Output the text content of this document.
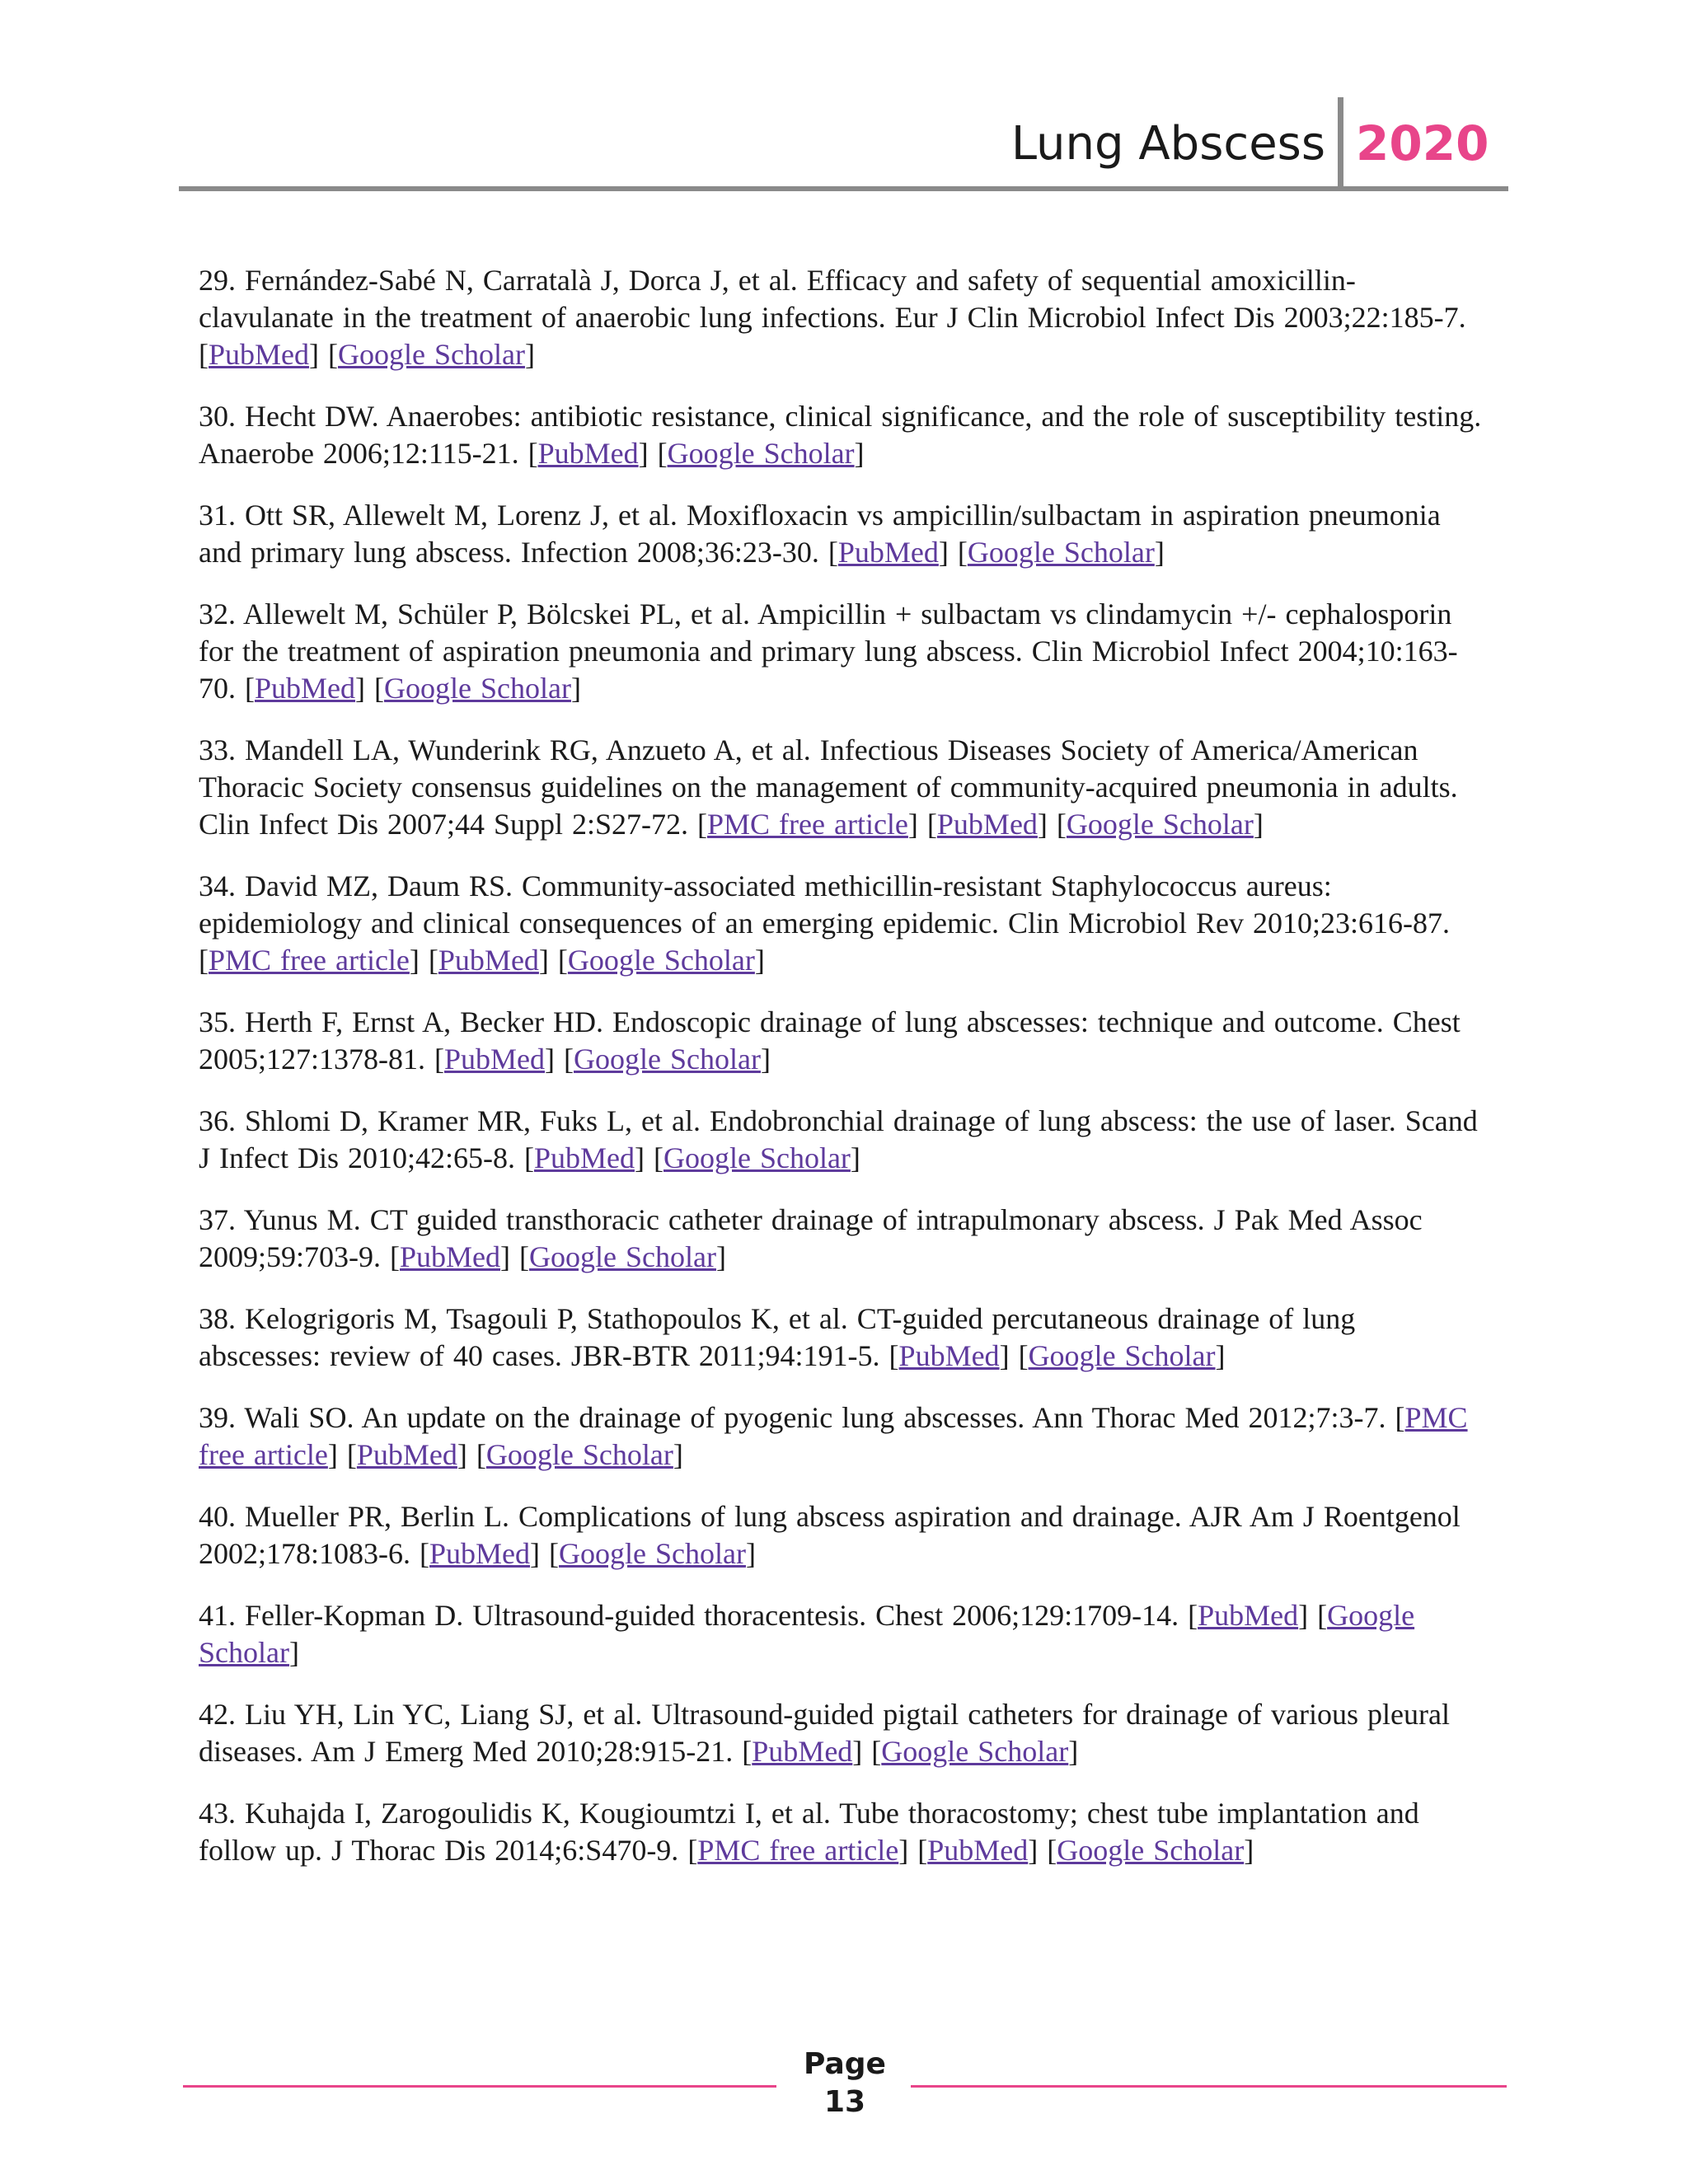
Lung Abscess 2020

29. Fernández-Sabé N, Carratalà J, Dorca J, et al. Efficacy and safety of sequential amoxicillin-clavulanate in the treatment of anaerobic lung infections. Eur J Clin Microbiol Infect Dis 2003;22:185-7. [PubMed] [Google Scholar]

30. Hecht DW. Anaerobes: antibiotic resistance, clinical significance, and the role of susceptibility testing. Anaerobe 2006;12:115-21. [PubMed] [Google Scholar]

31. Ott SR, Allewelt M, Lorenz J, et al. Moxifloxacin vs ampicillin/sulbactam in aspiration pneumonia and primary lung abscess. Infection 2008;36:23-30. [PubMed] [Google Scholar]

32. Allewelt M, Schüler P, Bölcskei PL, et al. Ampicillin + sulbactam vs clindamycin +/- cephalosporin for the treatment of aspiration pneumonia and primary lung abscess. Clin Microbiol Infect 2004;10:163-70. [PubMed] [Google Scholar]

33. Mandell LA, Wunderink RG, Anzueto A, et al. Infectious Diseases Society of America/American Thoracic Society consensus guidelines on the management of community-acquired pneumonia in adults. Clin Infect Dis 2007;44 Suppl 2:S27-72. [PMC free article] [PubMed] [Google Scholar]

34. David MZ, Daum RS. Community-associated methicillin-resistant Staphylococcus aureus: epidemiology and clinical consequences of an emerging epidemic. Clin Microbiol Rev 2010;23:616-87. [PMC free article] [PubMed] [Google Scholar]

35. Herth F, Ernst A, Becker HD. Endoscopic drainage of lung abscesses: technique and outcome. Chest 2005;127:1378-81. [PubMed] [Google Scholar]

36. Shlomi D, Kramer MR, Fuks L, et al. Endobronchial drainage of lung abscess: the use of laser. Scand J Infect Dis 2010;42:65-8. [PubMed] [Google Scholar]

37. Yunus M. CT guided transthoracic catheter drainage of intrapulmonary abscess. J Pak Med Assoc 2009;59:703-9. [PubMed] [Google Scholar]

38. Kelogrigoris M, Tsagouli P, Stathopoulos K, et al. CT-guided percutaneous drainage of lung abscesses: review of 40 cases. JBR-BTR 2011;94:191-5. [PubMed] [Google Scholar]

39. Wali SO. An update on the drainage of pyogenic lung abscesses. Ann Thorac Med 2012;7:3-7. [PMC free article] [PubMed] [Google Scholar]

40. Mueller PR, Berlin L. Complications of lung abscess aspiration and drainage. AJR Am J Roentgenol 2002;178:1083-6. [PubMed] [Google Scholar]

41. Feller-Kopman D. Ultrasound-guided thoracentesis. Chest 2006;129:1709-14. [PubMed] [Google Scholar]

42. Liu YH, Lin YC, Liang SJ, et al. Ultrasound-guided pigtail catheters for drainage of various pleural diseases. Am J Emerg Med 2010;28:915-21. [PubMed] [Google Scholar]

43. Kuhajda I, Zarogoulidis K, Kougioumtzi I, et al. Tube thoracostomy; chest tube implantation and follow up. J Thorac Dis 2014;6:S470-9. [PMC free article] [PubMed] [Google Scholar]

Page
13
